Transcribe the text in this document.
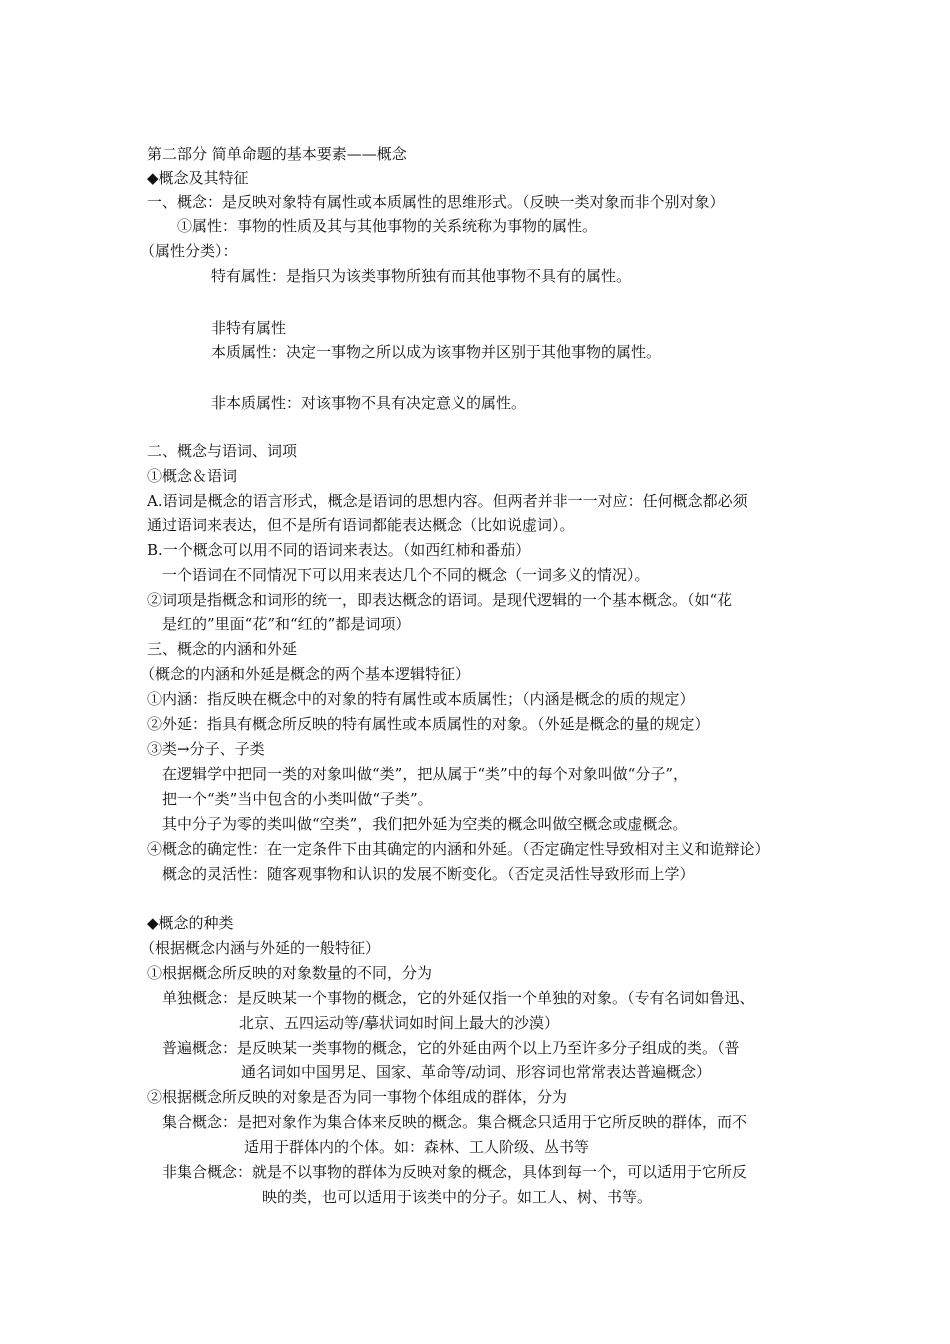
第二部分 简单命题的基本要素——概念
◆概念及其特征
一、概念：是反映对象特有属性或本质属性的思维形式。（反映一类对象而非个别对象）
①属性：事物的性质及其与其他事物的关系统称为事物的属性。
（属性分类）：
特有属性：是指只为该类事物所独有而其他事物不具有的属性。
非特有属性
本质属性：决定一事物之所以成为该事物并区别于其他事物的属性。
非本质属性：对该事物不具有决定意义的属性。
二、概念与语词、词项
①概念＆语词
A.语词是概念的语言形式，概念是语词的思想内容。但两者并非一一对应：任何概念都必须
通过语词来表达，但不是所有语词都能表达概念（比如说虚词）。
B.一个概念可以用不同的语词来表达。（如西红柿和番茄）
一个语词在不同情况下可以用来表达几个不同的概念（一词多义的情况）。
②词项是指概念和词形的统一，即表达概念的语词。是现代逻辑的一个基本概念。（如“花
是红的”里面“花”和“红的”都是词项）
三、概念的内涵和外延
（概念的内涵和外延是概念的两个基本逻辑特征）
①内涵：指反映在概念中的对象的特有属性或本质属性；（内涵是概念的质的规定）
②外延：指具有概念所反映的特有属性或本质属性的对象。（外延是概念的量的规定）
③类→分子、子类
在逻辑学中把同一类的对象叫做“类”，把从属于“类”中的每个对象叫做“分子”，
把一个“类”当中包含的小类叫做“子类”。
其中分子为零的类叫做“空类”，我们把外延为空类的概念叫做空概念或虚概念。
④概念的确定性：在一定条件下由其确定的内涵和外延。（否定确定性导致相对主义和诡辩论）
概念的灵活性：随客观事物和认识的发展不断变化。（否定灵活性导致形而上学）
◆概念的种类
（根据概念内涵与外延的一般特征）
①根据概念所反映的对象数量的不同，分为
单独概念：是反映某一个事物的概念，它的外延仅指一个单独的对象。（专有名词如鲁迅、
北京、五四运动等/摹状词如时间上最大的沙漠）
普遍概念：是反映某一类事物的概念，它的外延由两个以上乃至许多分子组成的类。（普
通名词如中国男足、国家、革命等/动词、形容词也常常表达普遍概念）
②根据概念所反映的对象是否为同一事物个体组成的群体，分为
集合概念：是把对象作为集合体来反映的概念。集合概念只适用于它所反映的群体，而不
适用于群体内的个体。如：森林、工人阶级、丛书等
非集合概念：就是不以事物的群体为反映对象的概念，具体到每一个，可以适用于它所反
映的类，也可以适用于该类中的分子。如工人、树、书等。
